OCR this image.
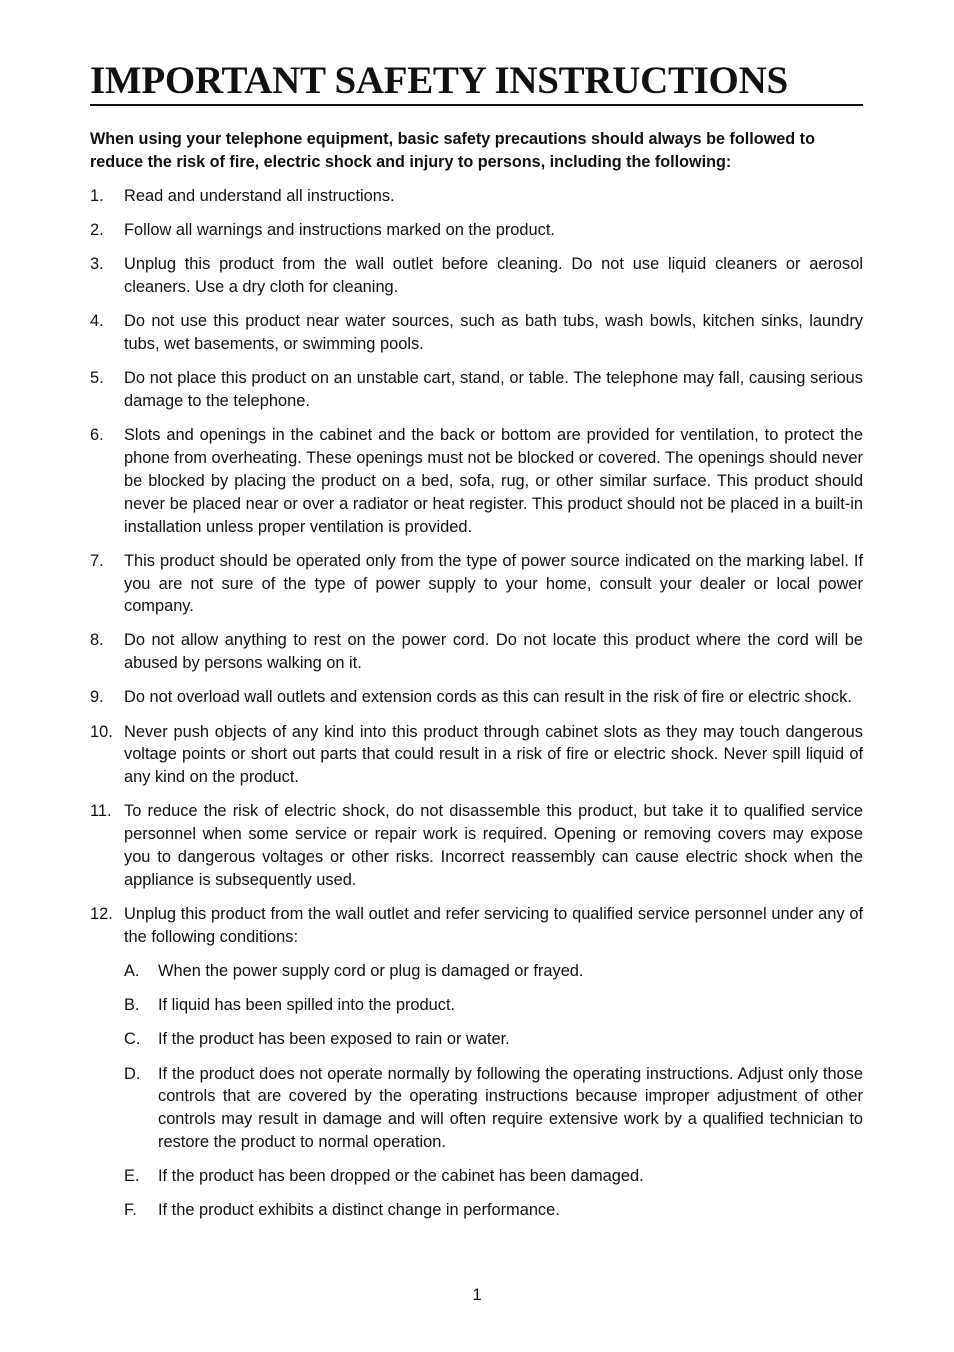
IMPORTANT SAFETY INSTRUCTIONS

When using your telephone equipment, basic safety precautions should always be followed to reduce the risk of fire, electric shock and injury to persons, including the following:

1. Read and understand all instructions.

2. Follow all warnings and instructions marked on the product.

3. Unplug this product from the wall outlet before cleaning. Do not use liquid cleaners or aerosol cleaners. Use a dry cloth for cleaning.

4. Do not use this product near water sources, such as bath tubs, wash bowls, kitchen sinks, laundry tubs, wet basements, or swimming pools.

5. Do not place this product on an unstable cart, stand, or table. The telephone may fall, causing serious damage to the telephone.

6. Slots and openings in the cabinet and the back or bottom are provided for ventilation, to protect the phone from overheating. These openings must not be blocked or covered. The openings should never be blocked by placing the product on a bed, sofa, rug, or other similar surface. This product should never be placed near or over a radiator or heat register. This product should not be placed in a built-in installation unless proper ventilation is provided.

7. This product should be operated only from the type of power source indicated on the marking label. If you are not sure of the type of power supply to your home, consult your dealer or local power company.

8. Do not allow anything to rest on the power cord. Do not locate this product where the cord will be abused by persons walking on it.

9. Do not overload wall outlets and extension cords as this can result in the risk of fire or electric shock.

10. Never push objects of any kind into this product through cabinet slots as they may touch dangerous voltage points or short out parts that could result in a risk of fire or electric shock. Never spill liquid of any kind on the product.

11. To reduce the risk of electric shock, do not disassemble this product, but take it to qualified service personnel when some service or repair work is required. Opening or removing covers may expose you to dangerous voltages or other risks. Incorrect reassembly can cause electric shock when the appliance is subsequently used.

12. Unplug this product from the wall outlet and refer servicing to qualified service personnel under any of the following conditions:

A. When the power supply cord or plug is damaged or frayed.

B. If liquid has been spilled into the product.

C. If the product has been exposed to rain or water.

D. If the product does not operate normally by following the operating instructions. Adjust only those controls that are covered by the operating instructions because improper adjustment of other controls may result in damage and will often require extensive work by a qualified technician to restore the product to normal operation.

E. If the product has been dropped or the cabinet has been damaged.

F. If the product exhibits a distinct change in performance.

1
